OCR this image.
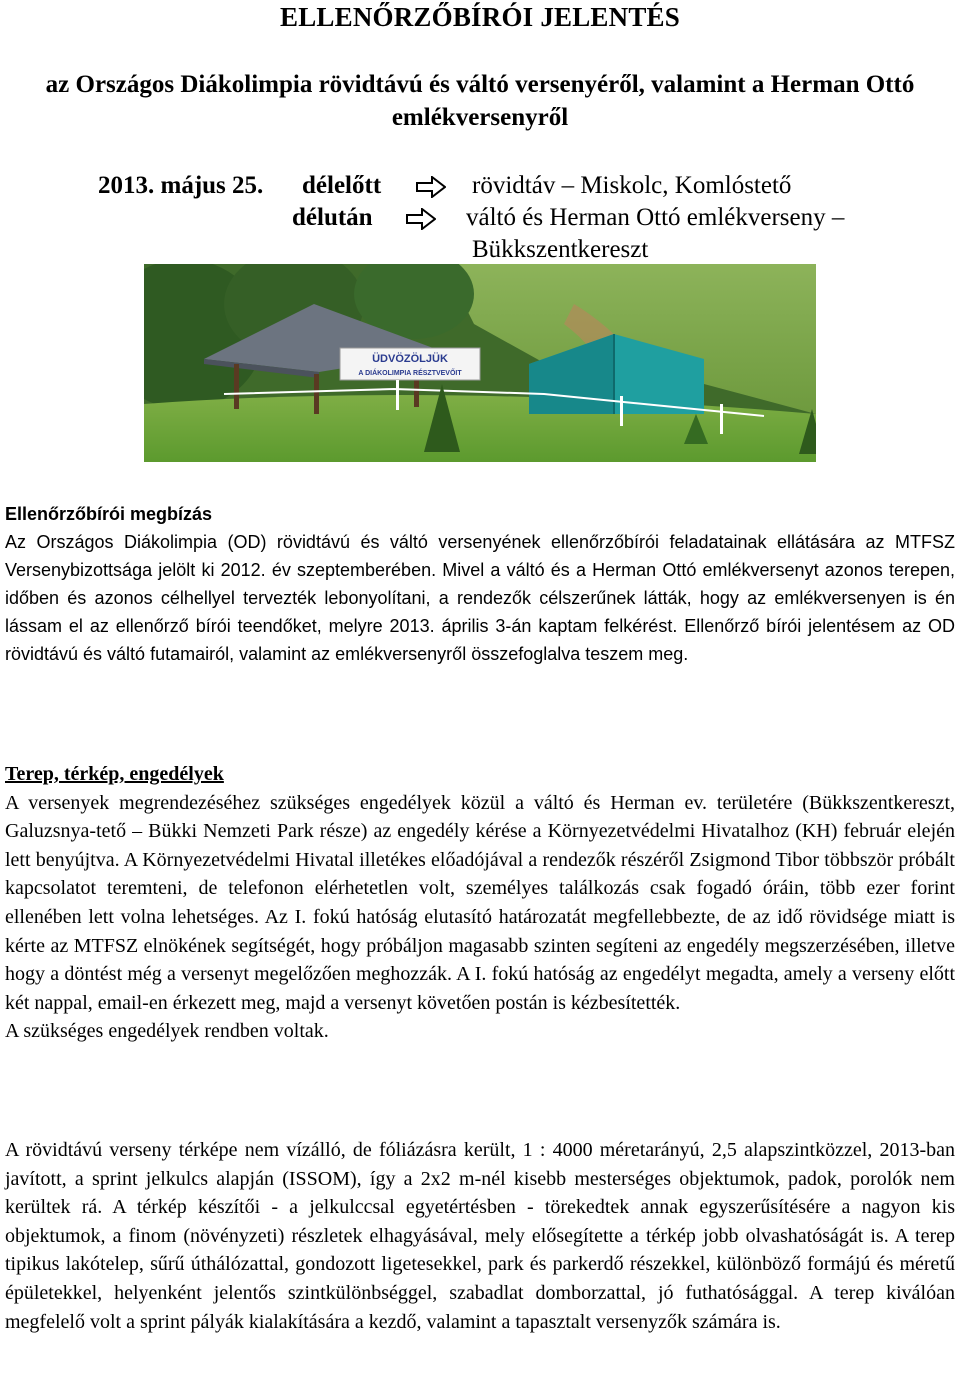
ELLENŐRZŐBÍRÓI JELENTÉS
az Országos Diákolimpia rövidtávú és váltó versenyéről, valamint a Herman Ottó emlékversenyről
2013. május 25. délelőtt	rövidtáv – Miskolc, Komlóstető
délután	váltó és Herman Ottó emlékverseny –
Bükkszentkereszt
ÜDVÖZÖLJÜK
A DIÁKOLIMPIA RÉSZTVEVŐIT
Ellenőrzőbírói megbízás
Az Országos Diákolimpia (OD) rövidtávú és váltó versenyének ellenőrzőbírói feladatainak ellátására az MTFSZ Versenybizottsága jelölt ki 2012. év szeptemberében. Mivel a váltó és a Herman Ottó emlékversenyt azonos terepen, időben és azonos célhellyel tervezték lebonyolítani, a rendezők célszerűnek látták, hogy az emlékversenyen is én lássam el az ellenőrző bírói teendőket, melyre 2013. április 3-án kaptam felkérést. Ellenőrző bírói jelentésem az OD rövidtávú és váltó futamairól, valamint az emlékversenyről összefoglalva teszem meg.
Terep, térkép, engedélyek
A versenyek megrendezéséhez szükséges engedélyek közül a váltó és Herman ev. területére (Bükkszentkereszt, Galuzsnya-tető – Bükki Nemzeti Park része) az engedély kérése a Környezetvédelmi Hivatalhoz (KH) február elején lett benyújtva. A Környezetvédelmi Hivatal illetékes előadójával a rendezők részéről Zsigmond Tibor többször próbált kapcsolatot teremteni, de telefonon elérhetetlen volt, személyes találkozás csak fogadó óráin, több ezer forint ellenében lett volna lehetséges. Az I. fokú hatóság elutasító határozatát megfellebbezte, de az idő rövidsége miatt is kérte az MTFSZ elnökének segítségét, hogy próbáljon magasabb szinten segíteni az engedély megszerzésében, illetve hogy a döntést még a versenyt megelőzően meghozzák. A I. fokú hatóság az engedélyt megadta, amely a verseny előtt két nappal, email-en érkezett meg, majd a versenyt követően postán is kézbesítették.
A szükséges engedélyek rendben voltak.
A rövidtávú verseny térképe nem vízálló, de fóliázásra került, 1 : 4000 méretarányú, 2,5 alapszintközzel, 2013-ban javított, a sprint jelkulcs alapján (ISSOM), így a 2x2 m-nél kisebb mesterséges objektumok, padok, porolók nem kerültek rá. A térkép készítői - a jelkulccsal egyetértésben - törekedtek annak egyszerűsítésére a nagyon kis objektumok, a finom (növényzeti) részletek elhagyásával, mely elősegítette a térkép jobb olvashatóságát is. A terep tipikus lakótelep, sűrű úthálózattal, gondozott ligetesekkel, park és parkerdő részekkel, különböző formájú és méretű épületekkel, helyenként jelentős szintkülönbséggel, szabadlat domborzattal, jó futhatósággal. A terep kiválóan megfelelő volt a sprint pályák kialakítására a kezdő, valamint a tapasztalt versenyzők számára is.
